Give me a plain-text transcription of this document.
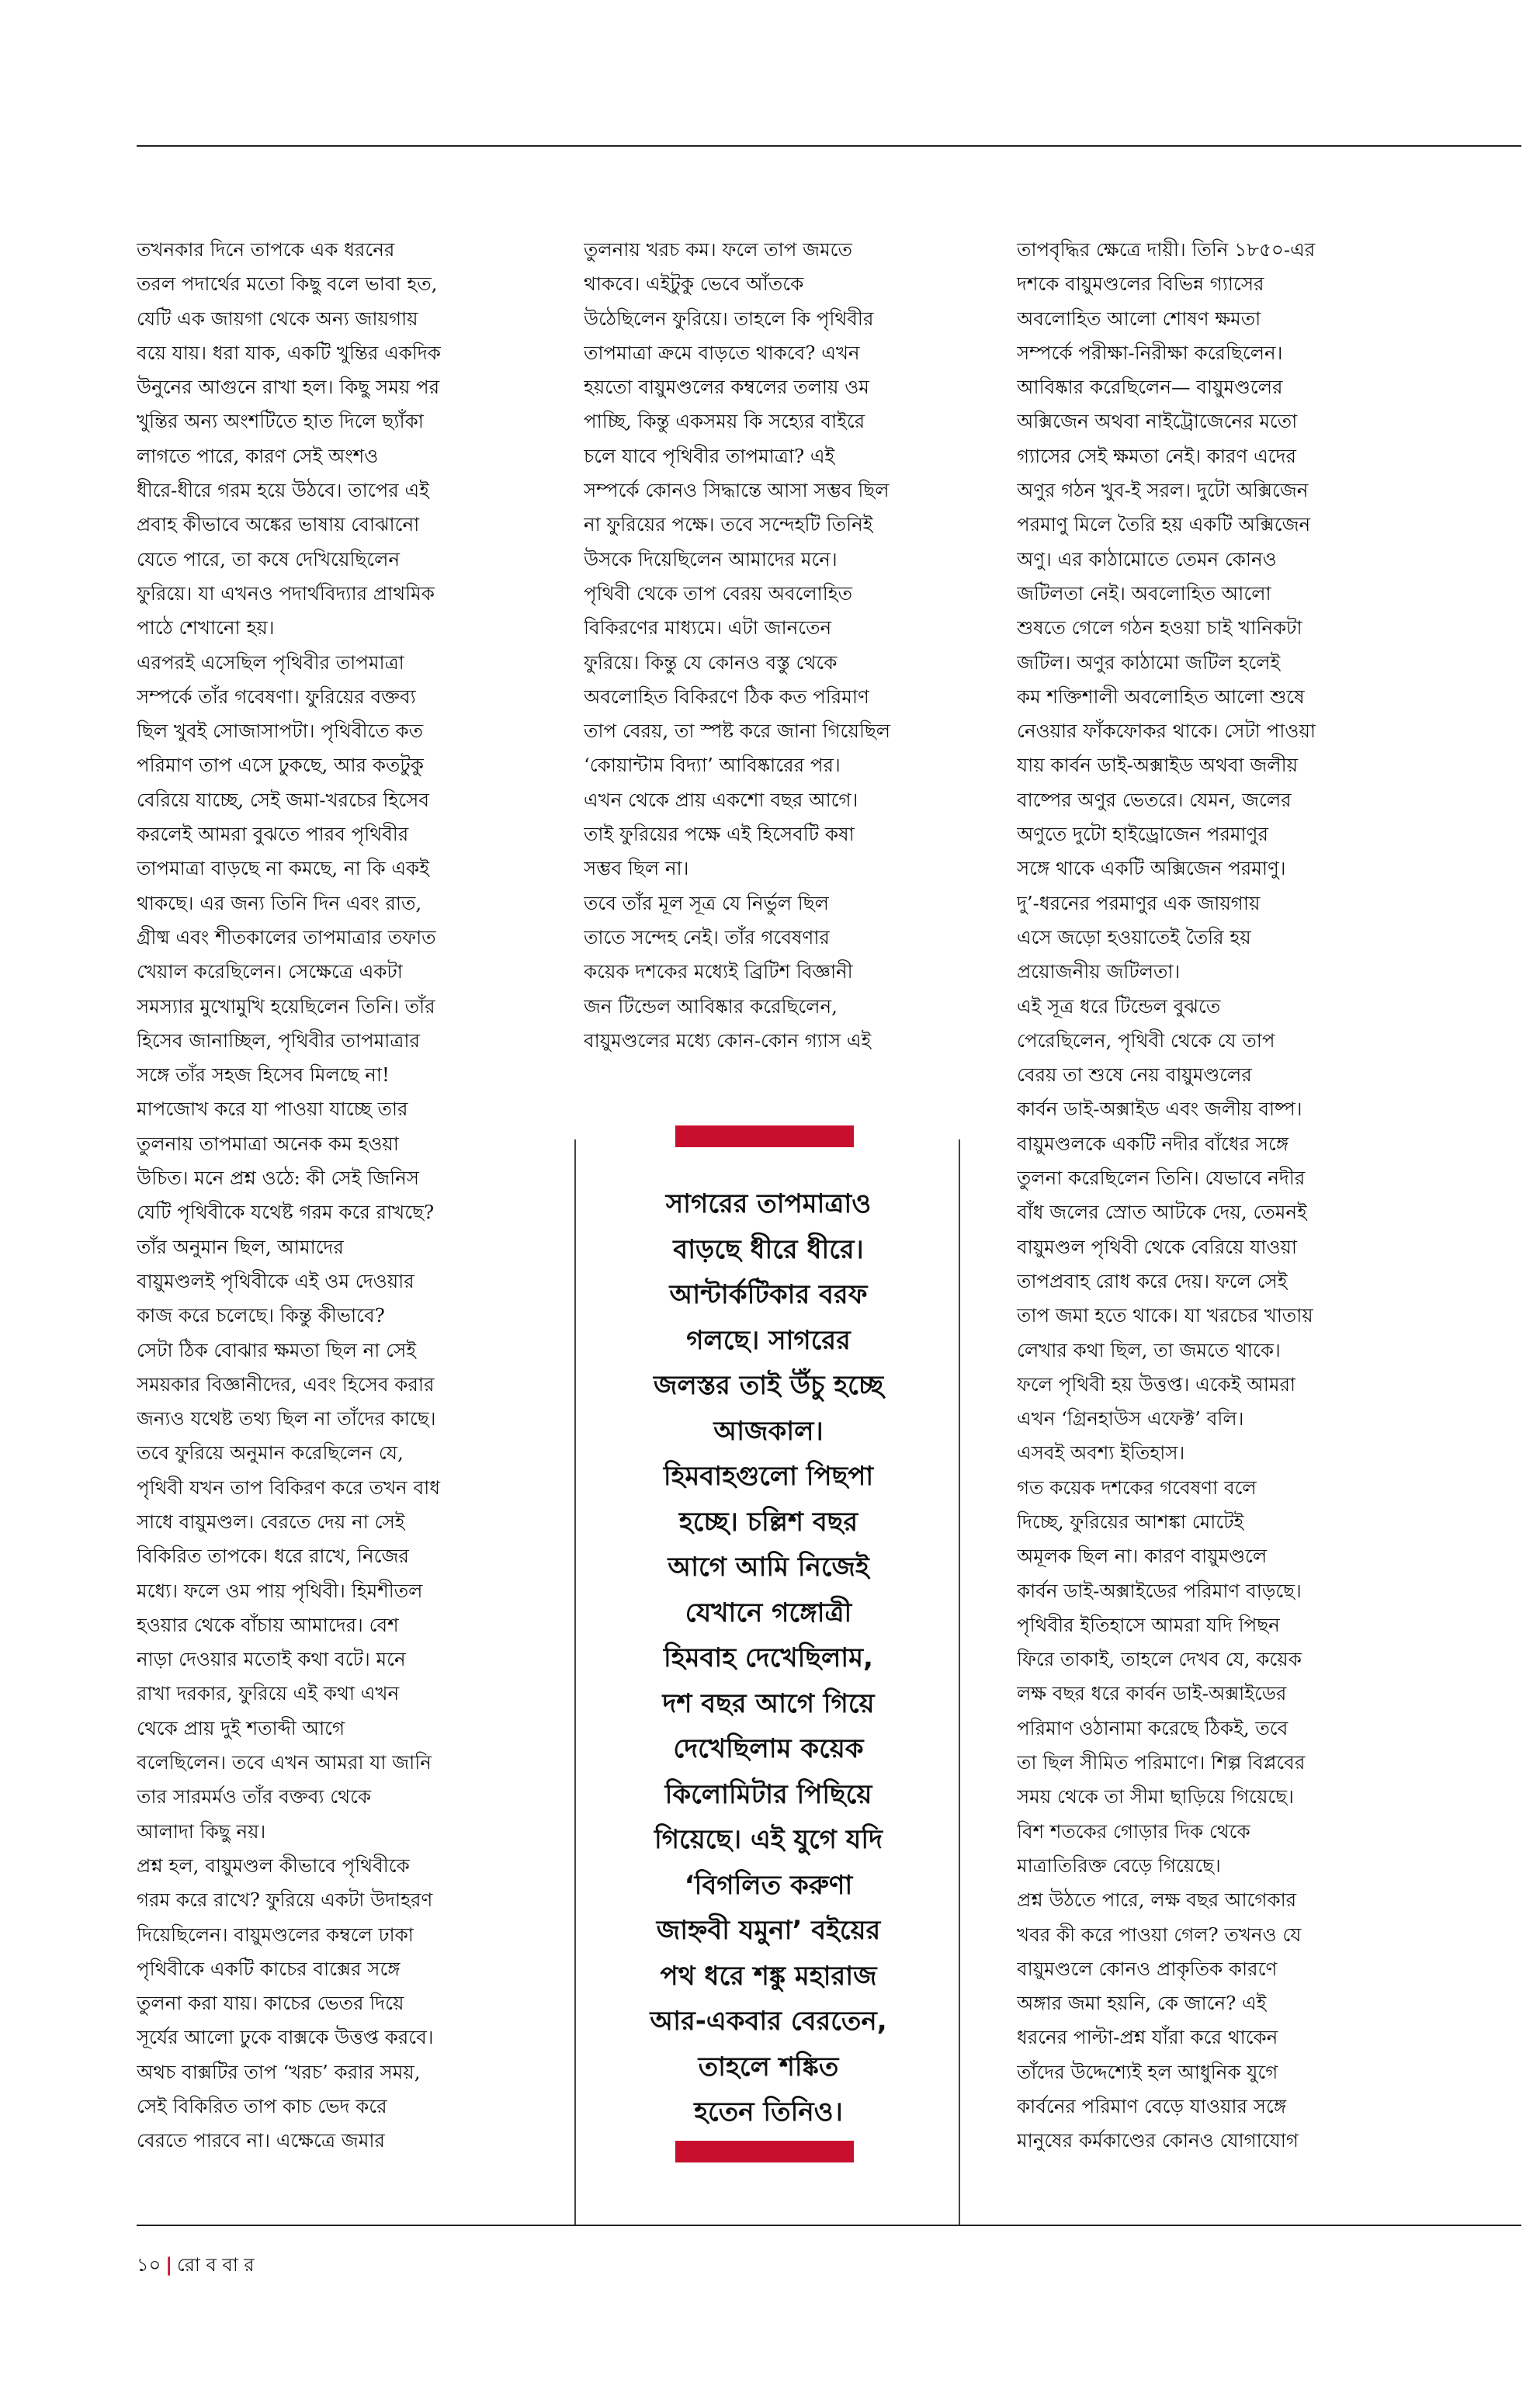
তখনকার দিনে তাপকে এক ধরনের
তরল পদার্থের মতো কিছু বলে ভাবা হত,
যেটি এক জায়গা থেকে অন্য জায়গায়
বয়ে যায়। ধরা যাক, একটি খুন্তির একদিক
উনুনের আগুনে রাখা হল। কিছু সময় পর
খুন্তির অন্য অংশটিতে হাত দিলে ছ্যাঁকা
লাগতে পারে, কারণ সেই অংশও
ধীরে-ধীরে গরম হয়ে উঠবে। তাপের এই
প্রবাহ কীভাবে অঙ্কের ভাষায় বোঝানো
যেতে পারে, তা কষে দেখিয়েছিলেন
ফুরিয়ে। যা এখনও পদার্থবিদ্যার প্রাথমিক
পাঠে শেখানো হয়।
এরপরই এসেছিল পৃথিবীর তাপমাত্রা
সম্পর্কে তাঁর গবেষণা। ফুরিয়ের বক্তব্য
ছিল খুবই সোজাসাপটা। পৃথিবীতে কত
পরিমাণ তাপ এসে ঢুকছে, আর কতটুকু
বেরিয়ে যাচ্ছে, সেই জমা-খরচের হিসেব
করলেই আমরা বুঝতে পারব পৃথিবীর
তাপমাত্রা বাড়ছে না কমছে, না কি একই
থাকছে। এর জন্য তিনি দিন এবং রাত,
গ্রীষ্ম এবং শীতকালের তাপমাত্রার তফাত
খেয়াল করেছিলেন। সেক্ষেত্রে একটা
সমস্যার মুখোমুখি হয়েছিলেন তিনি। তাঁর
হিসেব জানাচ্ছিল, পৃথিবীর তাপমাত্রার
সঙ্গে তাঁর সহজ হিসেব মিলছে না!
মাপজোখ করে যা পাওয়া যাচ্ছে তার
তুলনায় তাপমাত্রা অনেক কম হওয়া
উচিত। মনে প্রশ্ন ওঠে: কী সেই জিনিস
যেটি পৃথিবীকে যথেষ্ট গরম করে রাখছে?
তাঁর অনুমান ছিল, আমাদের
বায়ুমণ্ডলই পৃথিবীকে এই ওম দেওয়ার
কাজ করে চলেছে। কিন্তু কীভাবে?
সেটা ঠিক বোঝার ক্ষমতা ছিল না সেই
সময়কার বিজ্ঞানীদের, এবং হিসেব করার
জন্যও যথেষ্ট তথ্য ছিল না তাঁদের কাছে।
তবে ফুরিয়ে অনুমান করেছিলেন যে,
পৃথিবী যখন তাপ বিকিরণ করে তখন বাধ
সাধে বায়ুমণ্ডল। বেরতে দেয় না সেই
বিকিরিত তাপকে। ধরে রাখে, নিজের
মধ্যে। ফলে ওম পায় পৃথিবী। হিমশীতল
হওয়ার থেকে বাঁচায় আমাদের। বেশ
নাড়া দেওয়ার মতোই কথা বটে। মনে
রাখা দরকার, ফুরিয়ে এই কথা এখন
থেকে প্রায় দুই শতাব্দী আগে
বলেছিলেন। তবে এখন আমরা যা জানি
তার সারমর্মও তাঁর বক্তব্য থেকে
আলাদা কিছু নয়।
প্রশ্ন হল, বায়ুমণ্ডল কীভাবে পৃথিবীকে
গরম করে রাখে? ফুরিয়ে একটা উদাহরণ
দিয়েছিলেন। বায়ুমণ্ডলের কম্বলে ঢাকা
পৃথিবীকে একটি কাচের বাক্সের সঙ্গে
তুলনা করা যায়। কাচের ভেতর দিয়ে
সূর্যের আলো ঢুকে বাক্সকে উত্তপ্ত করবে।
অথচ বাক্সটির তাপ ‘খরচ’ করার সময়,
সেই বিকিরিত তাপ কাচ ভেদ করে
বেরতে পারবে না। এক্ষেত্রে জমার
তুলনায় খরচ কম। ফলে তাপ জমতে
থাকবে। এইটুকু ভেবে আঁতকে
উঠেছিলেন ফুরিয়ে। তাহলে কি পৃথিবীর
তাপমাত্রা ক্রমে বাড়তে থাকবে? এখন
হয়তো বায়ুমণ্ডলের কম্বলের তলায় ওম
পাচ্ছি, কিন্তু একসময় কি সহ্যের বাইরে
চলে যাবে পৃথিবীর তাপমাত্রা? এই
সম্পর্কে কোনও সিদ্ধান্তে আসা সম্ভব ছিল
না ফুরিয়ের পক্ষে। তবে সন্দেহটি তিনিই
উসকে দিয়েছিলেন আমাদের মনে।
পৃথিবী থেকে তাপ বেরয় অবলোহিত
বিকিরণের মাধ্যমে। এটা জানতেন
ফুরিয়ে। কিন্তু যে কোনও বস্তু থেকে
অবলোহিত বিকিরণে ঠিক কত পরিমাণ
তাপ বেরয়, তা স্পষ্ট করে জানা গিয়েছিল
‘কোয়ান্টাম বিদ্যা’ আবিষ্কারের পর।
এখন থেকে প্রায় একশো বছর আগে।
তাই ফুরিয়ের পক্ষে এই হিসেবটি কষা
সম্ভব ছিল না।
তবে তাঁর মূল সূত্র যে নির্ভুল ছিল
তাতে সন্দেহ নেই। তাঁর গবেষণার
কয়েক দশকের মধ্যেই ব্রিটিশ বিজ্ঞানী
জন টিন্ডেল আবিষ্কার করেছিলেন,
বায়ুমণ্ডলের মধ্যে কোন-কোন গ্যাস এই
তাপবৃদ্ধির ক্ষেত্রে দায়ী। তিনি ১৮৫০-এর
দশকে বায়ুমণ্ডলের বিভিন্ন গ্যাসের
অবলোহিত আলো শোষণ ক্ষমতা
সম্পর্কে পরীক্ষা-নিরীক্ষা করেছিলেন।
আবিষ্কার করেছিলেন— বায়ুমণ্ডলের
অক্সিজেন অথবা নাইট্রোজেনের মতো
গ্যাসের সেই ক্ষমতা নেই। কারণ এদের
অণুর গঠন খুব-ই সরল। দুটো অক্সিজেন
পরমাণু মিলে তৈরি হয় একটি অক্সিজেন
অণু। এর কাঠামোতে তেমন কোনও
জটিলতা নেই। অবলোহিত আলো
শুষতে গেলে গঠন হওয়া চাই খানিকটা
জটিল। অণুর কাঠামো জটিল হলেই
কম শক্তিশালী অবলোহিত আলো শুষে
নেওয়ার ফাঁকফোকর থাকে। সেটা পাওয়া
যায় কার্বন ডাই-অক্সাইড অথবা জলীয়
বাষ্পের অণুর ভেতরে। যেমন, জলের
অণুতে দুটো হাইড্রোজেন পরমাণুর
সঙ্গে থাকে একটি অক্সিজেন পরমাণু।
দু’-ধরনের পরমাণুর এক জায়গায়
এসে জড়ো হওয়াতেই তৈরি হয়
প্রয়োজনীয় জটিলতা।
এই সূত্র ধরে টিন্ডেল বুঝতে
পেরেছিলেন, পৃথিবী থেকে যে তাপ
বেরয় তা শুষে নেয় বায়ুমণ্ডলের
কার্বন ডাই-অক্সাইড এবং জলীয় বাষ্প।
বায়ুমণ্ডলকে একটি নদীর বাঁধের সঙ্গে
তুলনা করেছিলেন তিনি। যেভাবে নদীর
বাঁধ জলের স্রোত আটকে দেয়, তেমনই
বায়ুমণ্ডল পৃথিবী থেকে বেরিয়ে যাওয়া
তাপপ্রবাহ রোধ করে দেয়। ফলে সেই
তাপ জমা হতে থাকে। যা খরচের খাতায়
লেখার কথা ছিল, তা জমতে থাকে।
ফলে পৃথিবী হয় উত্তপ্ত। একেই আমরা
এখন ‘গ্রিনহাউস এফেক্ট’ বলি।
এসবই অবশ্য ইতিহাস।
গত কয়েক দশকের গবেষণা বলে
দিচ্ছে, ফুরিয়ের আশঙ্কা মোটেই
অমূলক ছিল না। কারণ বায়ুমণ্ডলে
কার্বন ডাই-অক্সাইডের পরিমাণ বাড়ছে।
পৃথিবীর ইতিহাসে আমরা যদি পিছন
ফিরে তাকাই, তাহলে দেখব যে, কয়েক
লক্ষ বছর ধরে কার্বন ডাই-অক্সাইডের
পরিমাণ ওঠানামা করেছে ঠিকই, তবে
তা ছিল সীমিত পরিমাণে। শিল্প বিপ্লবের
সময় থেকে তা সীমা ছাড়িয়ে গিয়েছে।
বিশ শতকের গোড়ার দিক থেকে
মাত্রাতিরিক্ত বেড়ে গিয়েছে।
প্রশ্ন উঠতে পারে, লক্ষ বছর আগেকার
খবর কী করে পাওয়া গেল? তখনও যে
বায়ুমণ্ডলে কোনও প্রাকৃতিক কারণে
অঙ্গার জমা হয়নি, কে জানে? এই
ধরনের পাল্টা-প্রশ্ন যাঁরা করে থাকেন
তাঁদের উদ্দেশ্যেই হল আধুনিক যুগে
কার্বনের পরিমাণ বেড়ে যাওয়ার সঙ্গে
মানুষের কর্মকাণ্ডের কোনও যোগাযোগ
সাগরের তাপমাত্রাও
বাড়ছে ধীরে ধীরে।
আন্টার্কটিকার বরফ
গলছে। সাগরের
জলস্তর তাই উঁচু হচ্ছে
আজকাল।
হিমবাহগুলো পিছপা
হচ্ছে। চল্লিশ বছর
আগে আমি নিজেই
যেখানে গঙ্গোত্রী
হিমবাহ দেখেছিলাম,
দশ বছর আগে গিয়ে
দেখেছিলাম কয়েক
কিলোমিটার পিছিয়ে
গিয়েছে। এই যুগে যদি
‘বিগলিত করুণা
জাহ্নবী যমুনা’ বইয়ের
পথ ধরে শঙ্কু মহারাজ
আর-একবার বেরতেন,
তাহলে শঙ্কিত
হতেন তিনিও।
১০ | রো ব বা র
